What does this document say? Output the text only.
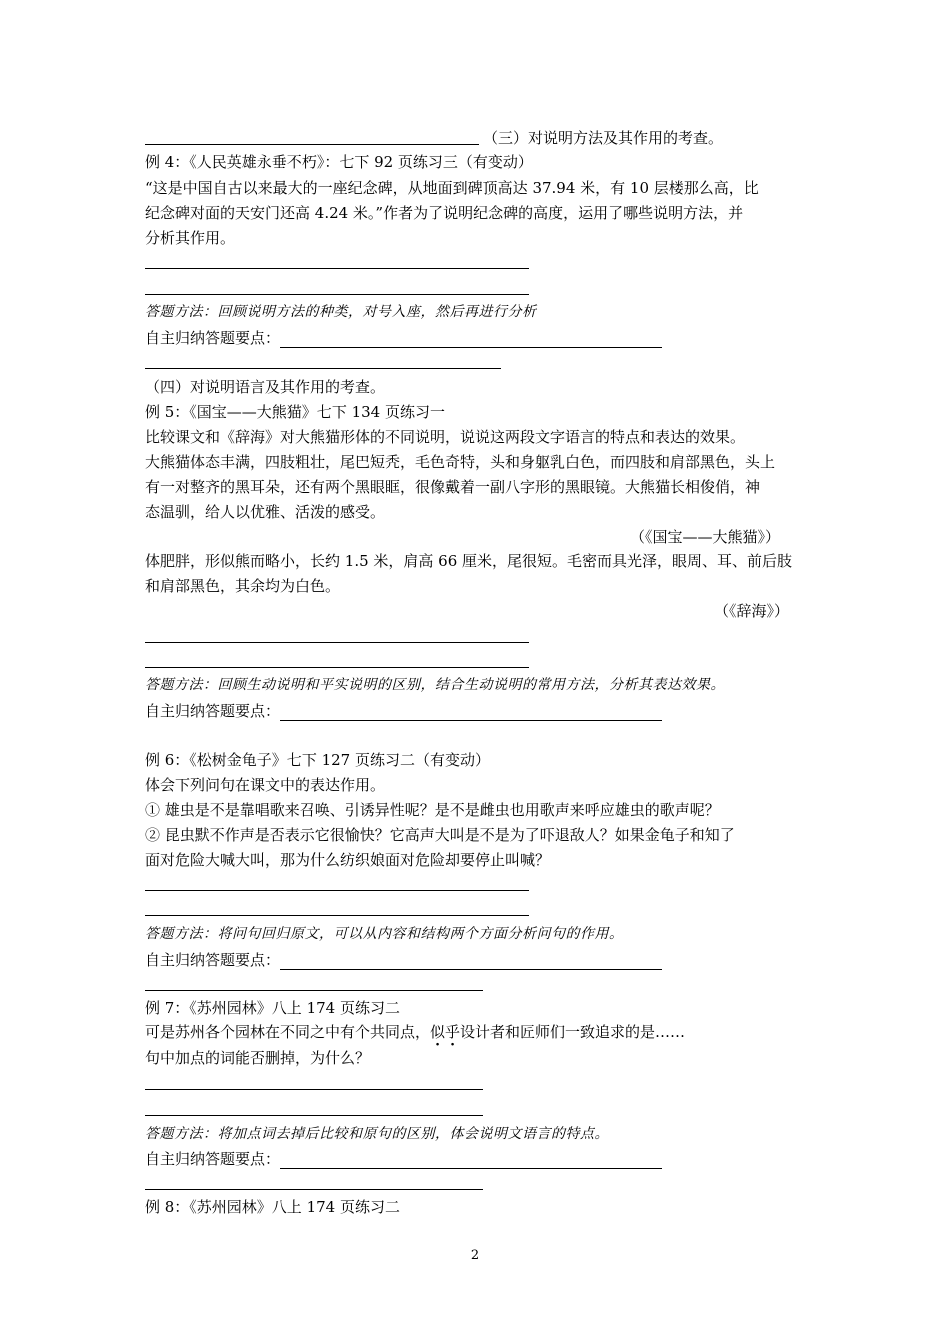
（三）对说明方法及其作用的考查。
例 4：《人民英雄永垂不朽》：七下 92 页练习三（有变动）
“这是中国自古以来最大的一座纪念碑，从地面到碑顶高达 37.94 米，有 10 层楼那么高，比
纪念碑对面的天安门还高 4.24 米。”作者为了说明纪念碑的高度，运用了哪些说明方法，并
分析其作用。
答题方法：回顾说明方法的种类，对号入座，然后再进行分析
自主归纳答题要点：
（四）对说明语言及其作用的考查。
例 5：《国宝——大熊猫》七下 134 页练习一
比较课文和《辞海》对大熊猫形体的不同说明，说说这两段文字语言的特点和表达的效果。
大熊猫体态丰满，四肢粗壮，尾巴短秃，毛色奇特，头和身躯乳白色，而四肢和肩部黑色，头上
有一对整齐的黑耳朵，还有两个黑眼眶，很像戴着一副八字形的黑眼镜。大熊猫长相俊俏，神
态温驯，给人以优雅、活泼的感受。
（《国宝——大熊猫》）
体肥胖，形似熊而略小，长约 1.5 米，肩高 66 厘米，尾很短。毛密而具光泽，眼周、耳、前后肢
和肩部黑色，其余均为白色。
（《辞海》）
答题方法：回顾生动说明和平实说明的区别，结合生动说明的常用方法，分析其表达效果。
自主归纳答题要点：
例 6：《松树金龟子》七下 127 页练习二（有变动）
体会下列问句在课文中的表达作用。
① 雄虫是不是靠唱歌来召唤、引诱异性呢？是不是雌虫也用歌声来呼应雄虫的歌声呢？
② 昆虫默不作声是否表示它很愉快？它高声大叫是不是为了吓退敌人？如果金龟子和知了
面对危险大喊大叫，那为什么纺织娘面对危险却要停止叫喊？
答题方法：将问句回归原文，可以从内容和结构两个方面分析问句的作用。
自主归纳答题要点：
例 7：《苏州园林》八上 174 页练习二
可是苏州各个园林在不同之中有个共同点，似乎设计者和匠师们一致追求的是……
句中加点的词能否删掉，为什么？
答题方法：将加点词去掉后比较和原句的区别，体会说明文语言的特点。
自主归纳答题要点：
例 8：《苏州园林》八上 174 页练习二
2
